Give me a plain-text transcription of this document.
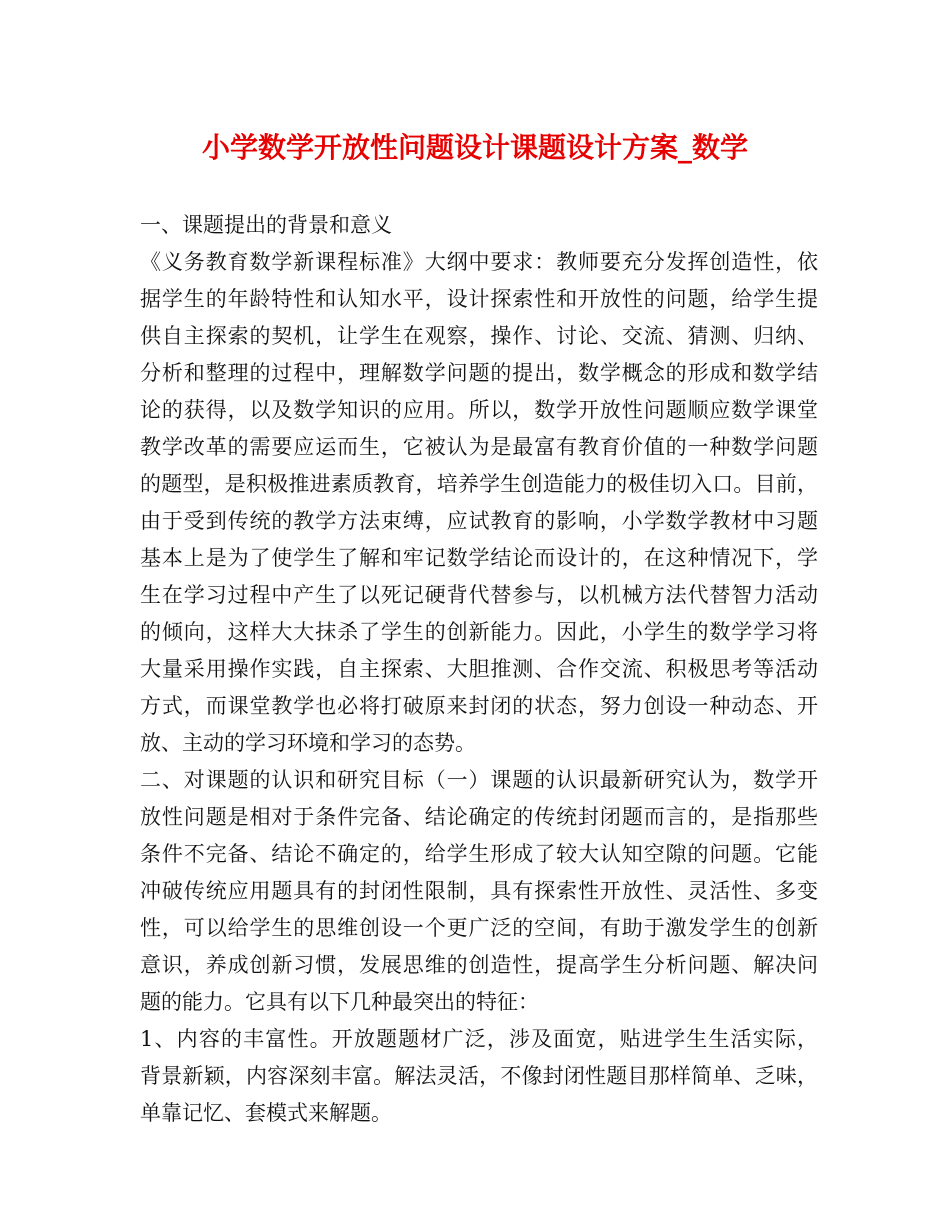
小学数学开放性问题设计课题设计方案_数学
一、课题提出的背景和意义
《义务教育数学新课程标准》大纲中要求：教师要充分发挥创造性，依
据学生的年龄特性和认知水平，设计探索性和开放性的问题，给学生提
供自主探索的契机，让学生在观察，操作、讨论、交流、猜测、归纳、
分析和整理的过程中，理解数学问题的提出，数学概念的形成和数学结
论的获得，以及数学知识的应用。所以，数学开放性问题顺应数学课堂
教学改革的需要应运而生，它被认为是最富有教育价值的一种数学问题
的题型，是积极推进素质教育，培养学生创造能力的极佳切入口。目前，
由于受到传统的教学方法束缚，应试教育的影响，小学数学教材中习题
基本上是为了使学生了解和牢记数学结论而设计的，在这种情况下，学
生在学习过程中产生了以死记硬背代替参与，以机械方法代替智力活动
的倾向，这样大大抹杀了学生的创新能力。因此，小学生的数学学习将
大量采用操作实践，自主探索、大胆推测、合作交流、积极思考等活动
方式，而课堂教学也必将打破原来封闭的状态，努力创设一种动态、开
放、主动的学习环境和学习的态势。
二、对课题的认识和研究目标（一）课题的认识最新研究认为，数学开
放性问题是相对于条件完备、结论确定的传统封闭题而言的，是指那些
条件不完备、结论不确定的，给学生形成了较大认知空隙的问题。它能
冲破传统应用题具有的封闭性限制，具有探索性开放性、灵活性、多变
性，可以给学生的思维创设一个更广泛的空间，有助于激发学生的创新
意识，养成创新习惯，发展思维的创造性，提高学生分析问题、解决问
题的能力。它具有以下几种最突出的特征：
1、内容的丰富性。开放题题材广泛，涉及面宽，贴进学生生活实际，
背景新颖，内容深刻丰富。解法灵活，不像封闭性题目那样简单、乏味，
单靠记忆、套模式来解题。
